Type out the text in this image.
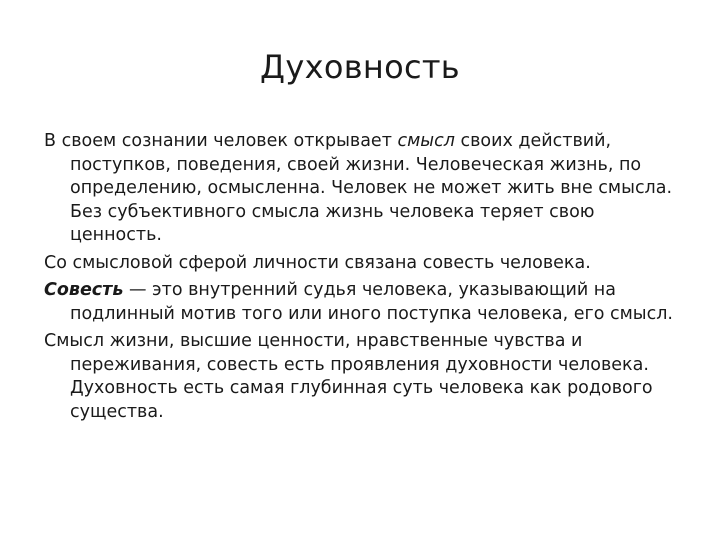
Духовность

В своем сознании человек открывает смысл своих действий, поступков, поведения, своей жизни. Человеческая жизнь, по определению, осмысленна. Человек не может жить вне смысла. Без субъективного смысла жизнь человека теряет свою ценность.

Со смысловой сферой личности связана совесть человека.

Совесть — это внутренний судья человека, указывающий на подлинный мотив того или иного поступка человека, его смысл.

Смысл жизни, высшие ценности, нравственные чувства и переживания, совесть есть проявления духовности человека. Духовность есть самая глубинная суть человека как родового существа.
